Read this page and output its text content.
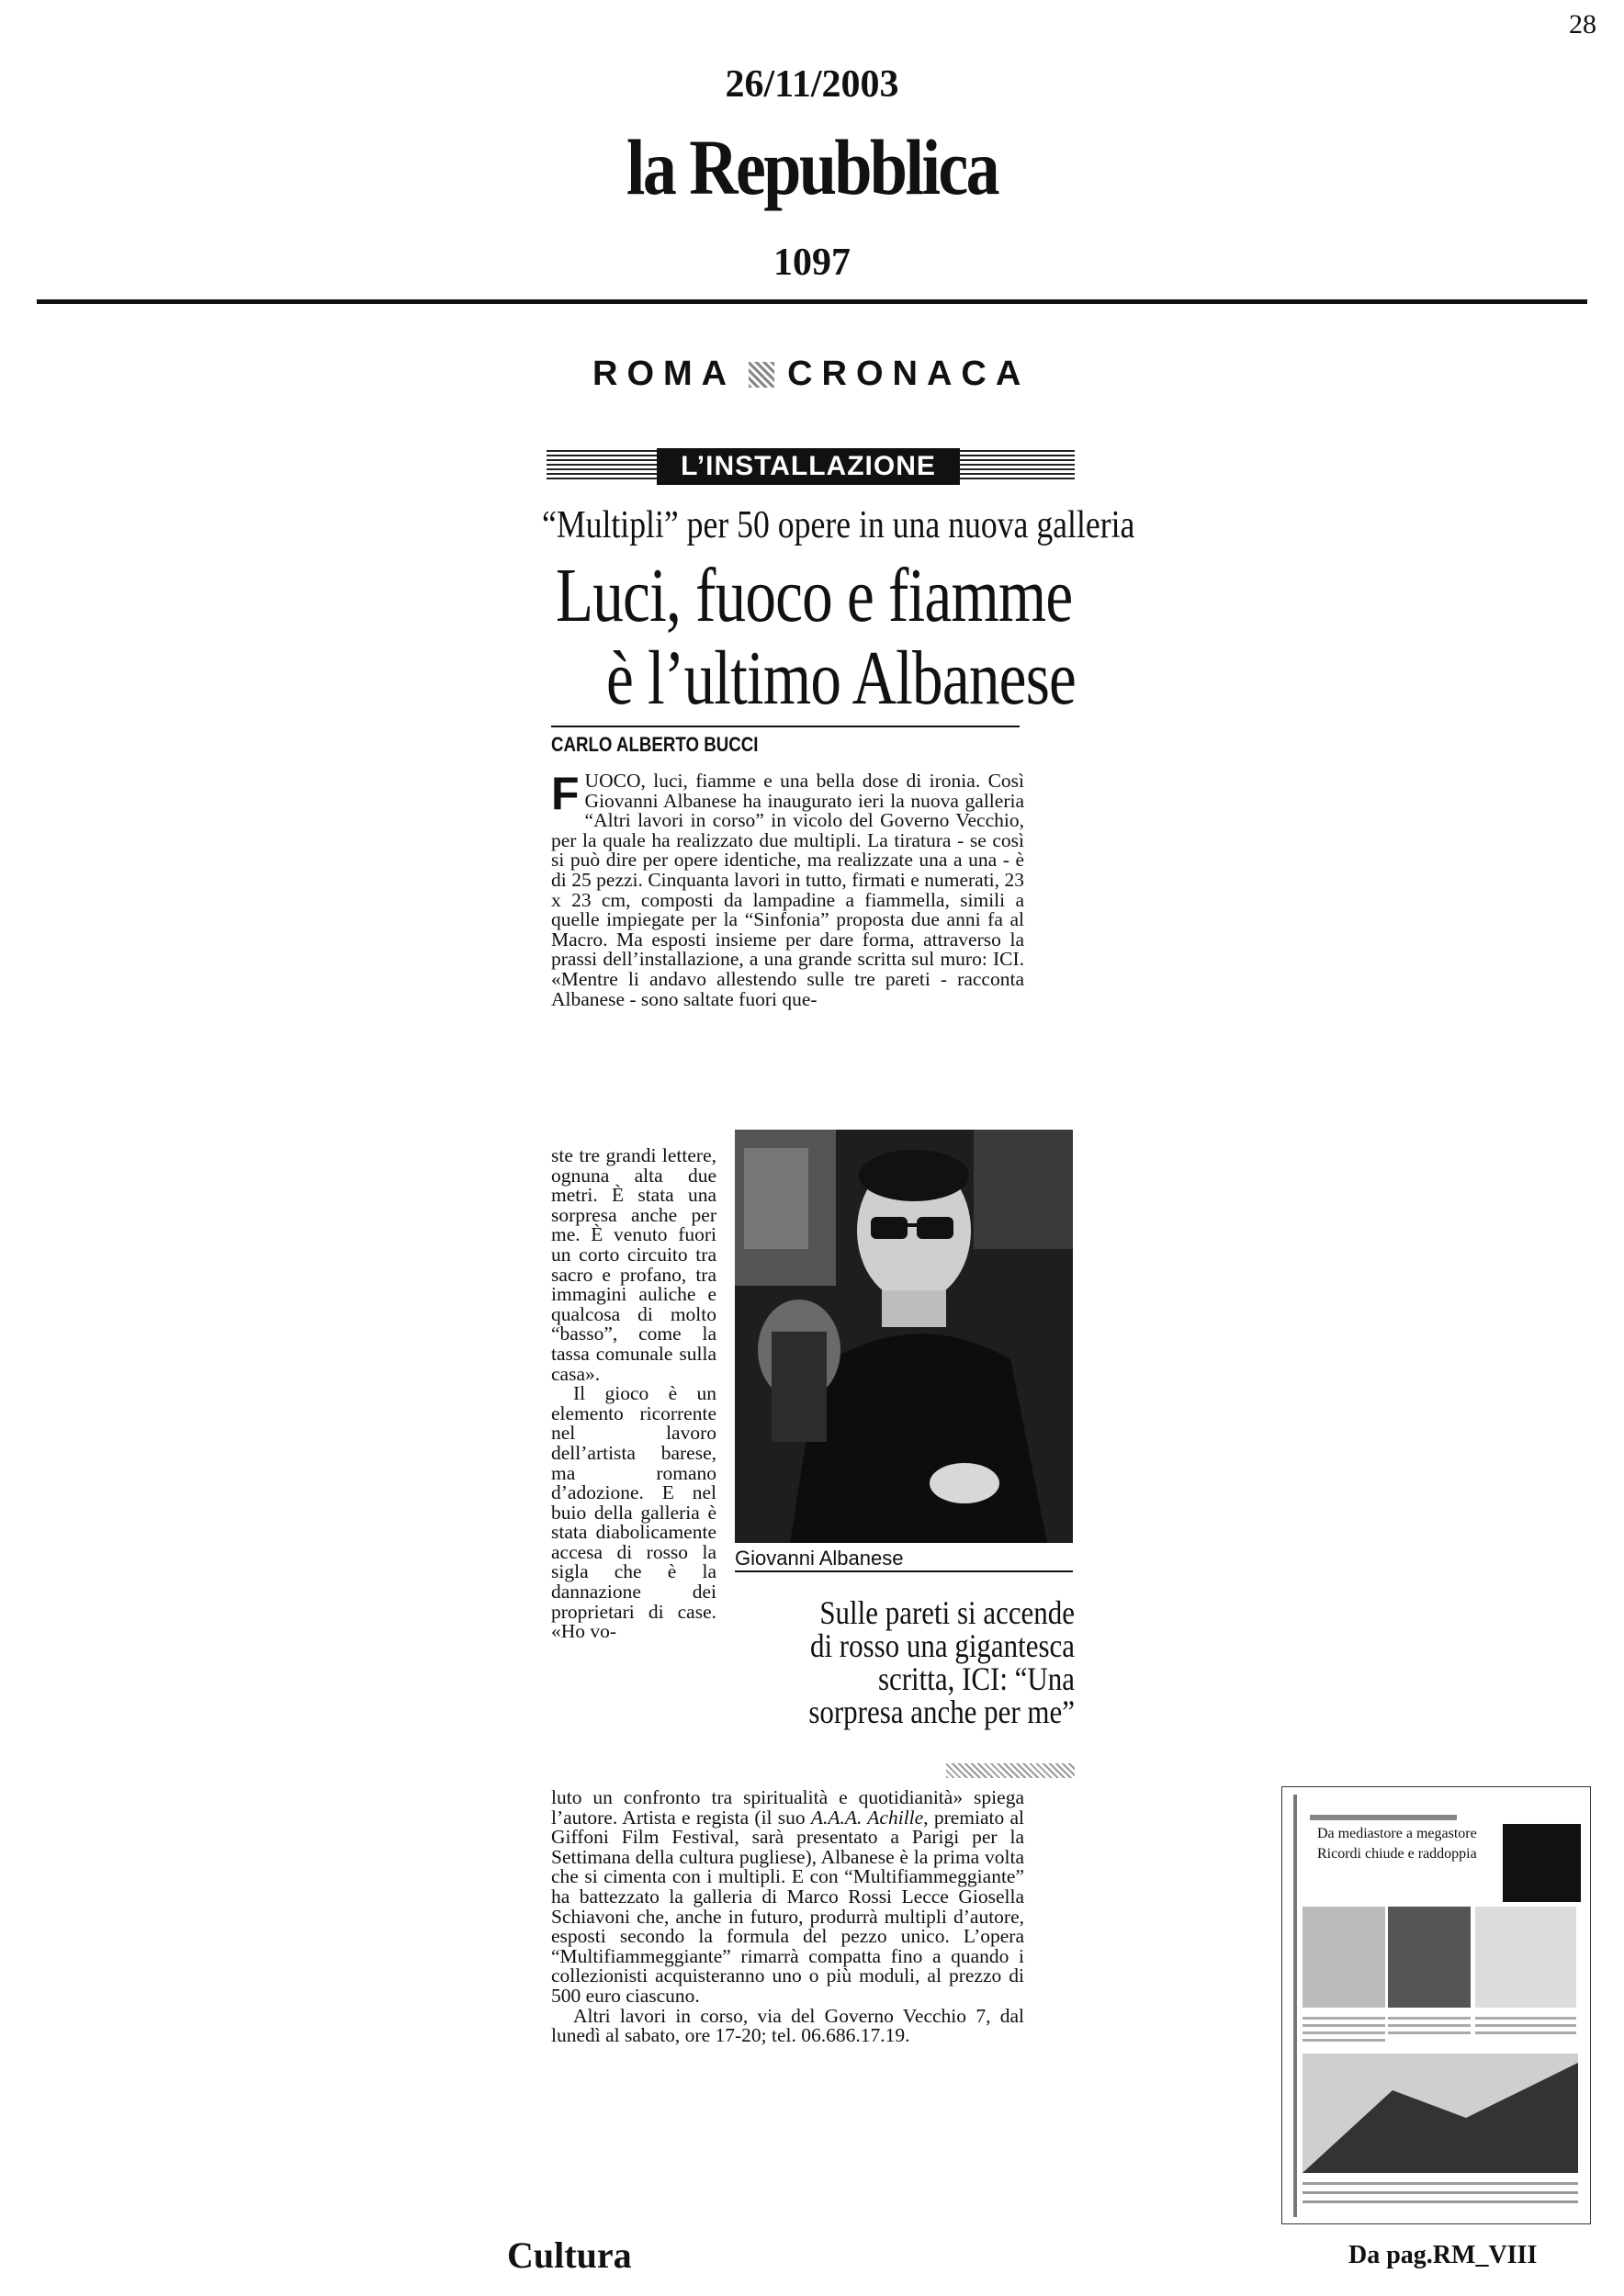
28
26/11/2003
la Repubblica
1097
ROMA CRONACA
L’INSTALLAZIONE
“Multipli” per 50 opere in una nuova galleria
Luci, fuoco e fiamme
è l’ultimo Albanese
CARLO ALBERTO BUCCI
F UOCO, luci, fiamme e una bella dose di ironia. Così Giovanni Albanese ha inaugurato ieri la nuova galleria “Altri lavori in corso” in vicolo del Governo Vecchio, per la quale ha realizzato due multipli. La tiratura - se così si può dire per opere identiche, ma realizzate una a una - è di 25 pezzi. Cinquanta lavori in tutto, firmati e numerati, 23 x 23 cm, composti da lampadine a fiammella, simili a quelle impiegate per la “Sinfonia” proposta due anni fa al Macro. Ma esposti insieme per dare forma, attraverso la prassi dell’installazione, a una grande scritta sul muro: ICI. «Mentre li andavo allestendo sulle tre pareti - racconta Albanese - sono saltate fuori que-

ste tre grandi lettere, ognuna alta due metri. È stata una sorpresa anche per me. È venuto fuori un corto circuito tra sacro e profano, tra immagini auliche e qualcosa di molto “basso”, come la tassa comunale sulla casa».

Il gioco è un elemento ricorrente nel lavoro dell’artista barese, ma romano d’adozione. E nel buio della galleria è stata diabolicamente accesa di rosso la sigla che è la dannazione dei proprietari di case. «Ho vo-

Giovanni Albanese
Sulle pareti si accende
di rosso una gigantesca
scritta, ICI: “Una
sorpresa anche per me”

luto un confronto tra spiritualità e quotidianità» spiega l’autore. Artista e regista (il suo A.A.A. Achille, premiato al Giffoni Film Festival, sarà presentato a Parigi per la Settimana della cultura pugliese), Albanese è la prima volta che si cimenta con i multipli. E con “Multifiammeggiante” ha battezzato la galleria di Marco Rossi Lecce Giosella Schiavoni che, anche in futuro, produrrà multipli d’autore, esposti secondo la formula del pezzo unico. L’opera “Multifiammeggiante” rimarrà compatta fino a quando i collezionisti acquisteranno uno o più moduli, al prezzo di 500 euro ciascuno.

Altri lavori in corso, via del Governo Vecchio 7, dal lunedì al sabato, ore 17-20; tel. 06.686.17.19.

Cultura	Da pag.RM_VIII
Da mediastore a megastore
Ricordi chiude e raddoppia
